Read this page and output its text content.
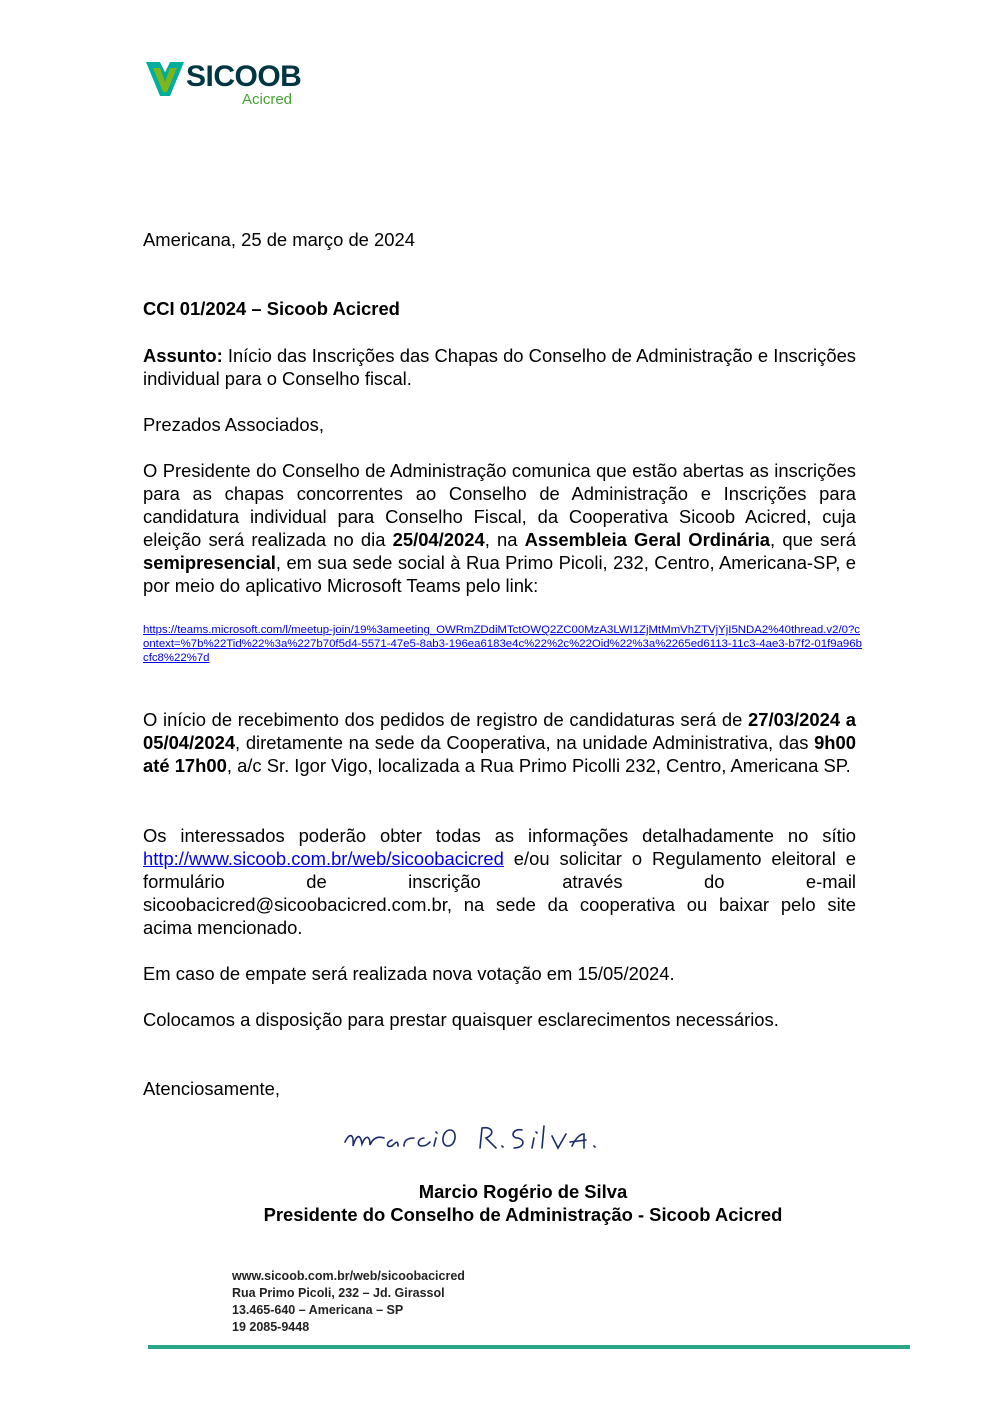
SICOOB
Acicred
Americana, 25 de março de 2024
CCI 01/2024 – Sicoob Acicred
Assunto: Início das Inscrições das Chapas do Conselho de Administração e Inscrições individual para o Conselho fiscal.
Prezados Associados,
O Presidente do Conselho de Administração comunica que estão abertas as inscrições para as chapas concorrentes ao Conselho de Administração e Inscrições para candidatura individual para Conselho Fiscal, da Cooperativa Sicoob Acicred, cuja eleição será realizada no dia 25/04/2024, na Assembleia Geral Ordinária, que será semipresencial, em sua sede social à Rua Primo Picoli, 232, Centro, Americana-SP, e por meio do aplicativo Microsoft Teams pelo link:
https://teams.microsoft.com/l/meetup-join/19%3ameeting_OWRmZDdiMTctOWQ2ZC00MzA3LWI1ZjMtMmVhZTVjYjI5NDA2%40thread.v2/0?context=%7b%22Tid%22%3a%227b70f5d4-5571-47e5-8ab3-196ea6183e4c%22%2c%22Oid%22%3a%2265ed6113-11c3-4ae3-b7f2-01f9a96bcfc8%22%7d
O início de recebimento dos pedidos de registro de candidaturas será de 27/03/2024 a 05/04/2024, diretamente na sede da Cooperativa, na unidade Administrativa, das 9h00 até 17h00, a/c Sr. Igor Vigo, localizada a Rua Primo Picolli 232, Centro, Americana SP.
Os interessados poderão obter todas as informações detalhadamente no sítio http://www.sicoob.com.br/web/sicoobacicred e/ou solicitar o Regulamento eleitoral e formulário de inscrição através do e-mail
sicoobacicred@sicoobacicred.com.br, na sede da cooperativa ou baixar pelo site acima mencionado.
Em caso de empate será realizada nova votação em 15/05/2024.
Colocamos a disposição para prestar quaisquer esclarecimentos necessários.
Atenciosamente,
Marcio Rogério de Silva
Presidente do Conselho de Administração - Sicoob Acicred
www.sicoob.com.br/web/sicoobacicred
Rua Primo Picoli, 232 – Jd. Girassol
13.465-640 – Americana – SP
19 2085-9448
